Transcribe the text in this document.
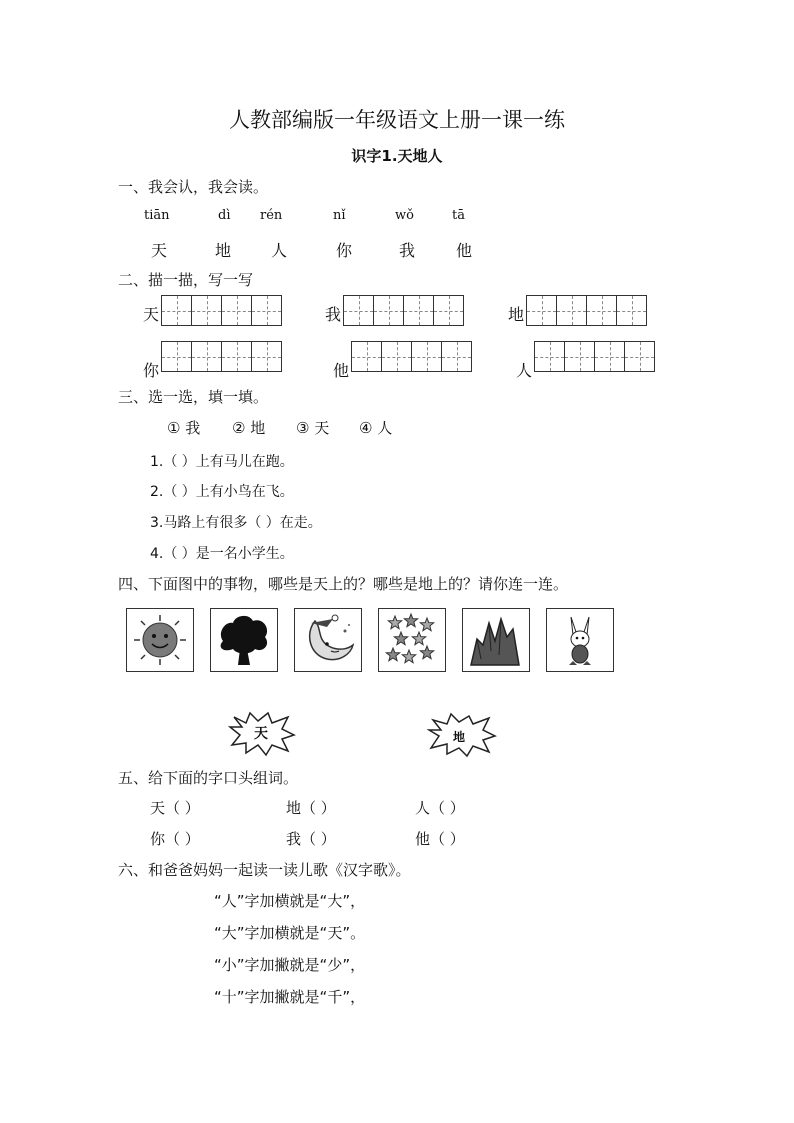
人教部编版一年级语文上册一课一练
识字1.天地人
一、我会认，我会读。
tiān	dì rén	nǐ	wǒ	tā
天	地 人	你	我	他
二、描一描，写一写
天	我	地
你	他	人
三、选一选，填一填。
① 我 ② 地 ③ 天 ④ 人
1.（ ）上有马儿在跑。
2.（ ）上有小鸟在飞。
3.马路上有很多（ ）在走。
4.（ ）是一名小学生。
四、下面图中的事物，哪些是天上的？哪些是地上的？请你连一连。
天	地
五、给下面的字口头组词。
天（ ）	地（ ）	人（ ）
你（ ）	我（ ）	他（ ）
六、和爸爸妈妈一起读一读儿歌《汉字歌》。
“人”字加横就是“大”，
“大”字加横就是“天”。
“小”字加撇就是“少”，
“十”字加撇就是“千”，
